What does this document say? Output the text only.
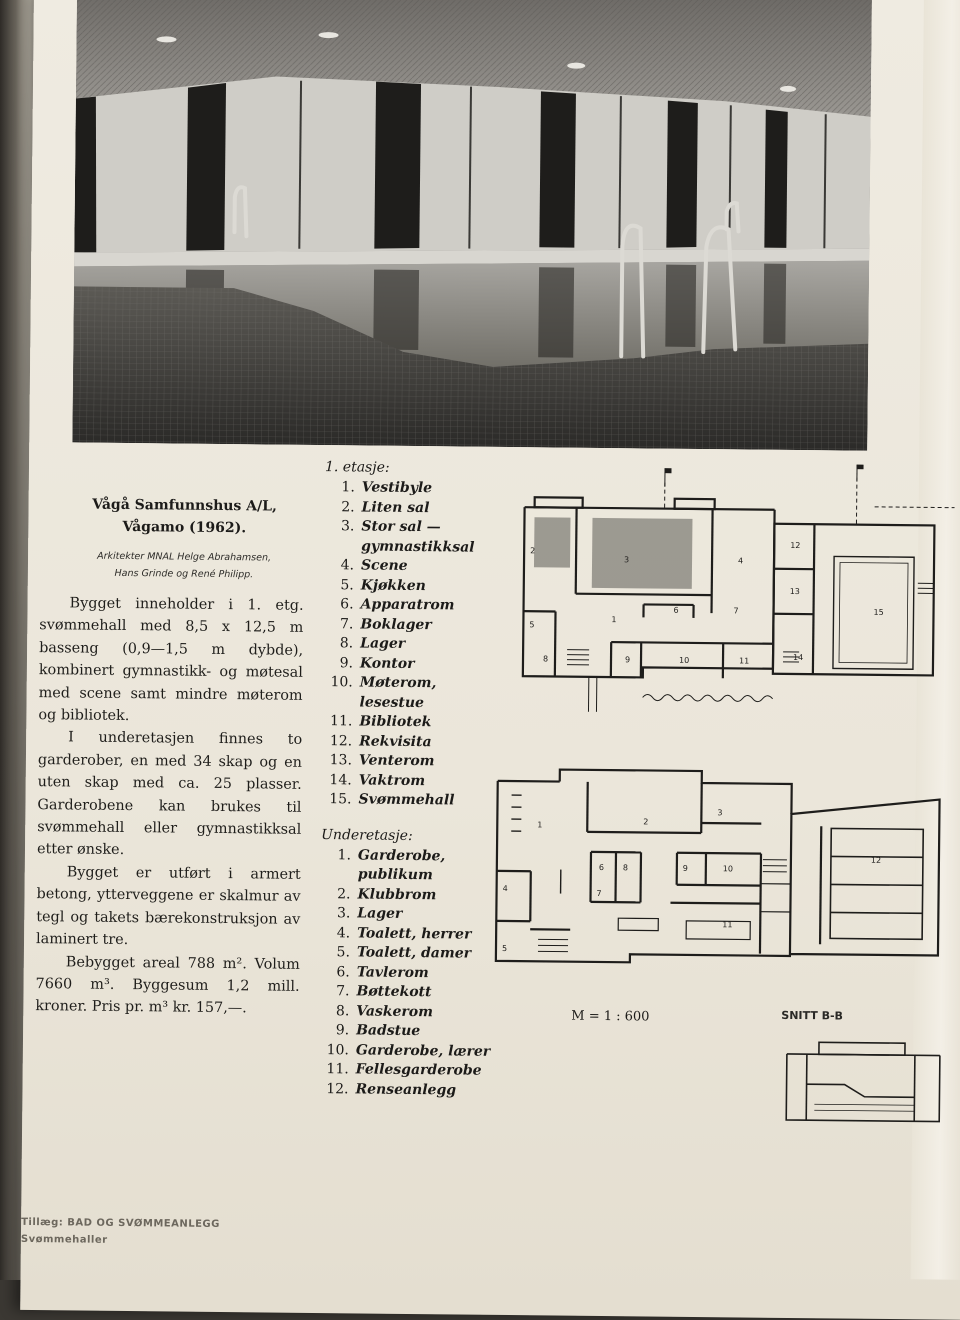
Vågå Samfunnshus A/L,
Vågamo (1962).
Arkitekter MNAL Helge Abrahamsen,
Hans Grinde og René Philipp.

Bygget inneholder i 1. etg. svømmehall med 8,5 x 12,5 m basseng (0,9—1,5 m dybde), kombinert gymnastikk- og møtesal med scene samt mindre møterom og bibliotek.

I underetasjen finnes to garderober, en med 34 skap og en uten skap med ca. 25 plasser. Garderobene kan brukes til svømmehall eller gymnastikksal etter ønske.

Bygget er utført i armert betong, ytterveggene er skalmur av tegl og takets bærekonstruksjon av laminert tre.

Bebygget areal 788 m². Volum 7660 m³. Byggesum 1,2 mill. kroner. Pris pr. m³ kr. 157,—.

1. etasje:
1. Vestibyle
2. Liten sal
3. Stor sal —
gymnastikksal
4. Scene
5. Kjøkken
6. Apparatrom
7. Boklager
8. Lager
9. Kontor
10. Møterom,
lesestue
11. Bibliotek
12. Rekvisita
13. Venterom
14. Vaktrom
15. Svømmehall
Underetasje:
1. Garderobe,
publikum
2. Klubbrom
3. Lager
4. Toalett, herrer
5. Toalett, damer
6. Tavlerom
7. Bøttekott
8. Vaskerom
9. Badstue
10. Garderobe, lærer
11. Fellesgarderobe
12. Renseanlegg
1
2
3	4
5
6	7
8	9	10	11
12
13
14
15
1	2
3
4
5
6
7
8	9	10
11
12
M = 1 : 600	SNITT B-B
Tillæg: BAD OG SVØMMEANLEGG
Svømmehaller
